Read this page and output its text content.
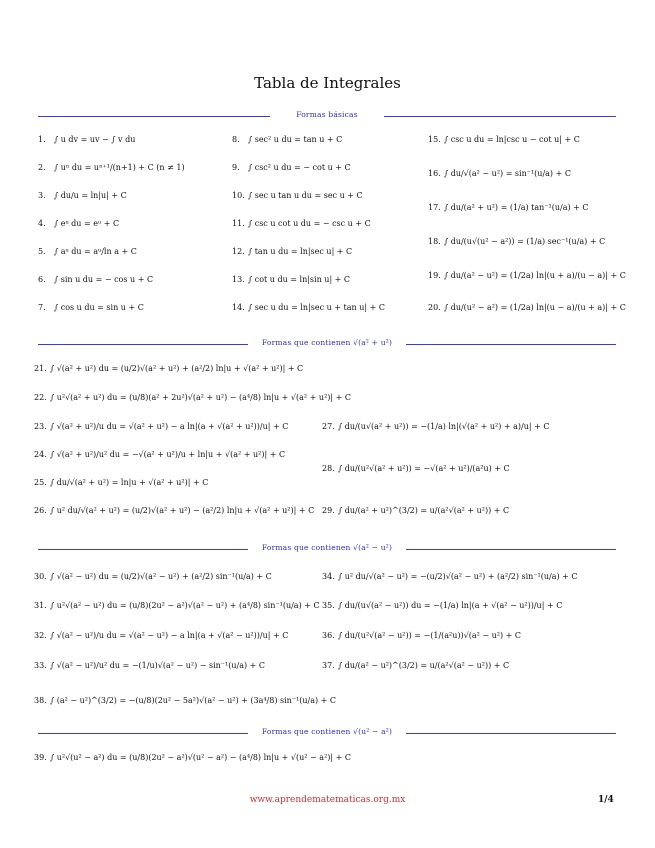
Tabla de Integrales
Formas básicas
1. ∫ u dv = uv − ∫ v du
2. ∫ uⁿ du = uⁿ⁺¹/(n+1) + C (n ≠ 1)
3. ∫ du/u = ln|u| + C
4. ∫ eᵘ du = eᵘ + C
5. ∫ aᵘ du = aᵘ/ln a + C
6. ∫ sin u du = − cos u + C
7. ∫ cos u du = sin u + C
8. ∫ sec² u du = tan u + C
9. ∫ csc² u du = − cot u + C
10. ∫ sec u tan u du = sec u + C
11. ∫ csc u cot u du = − csc u + C
12. ∫ tan u du = ln|sec u| + C
13. ∫ cot u du = ln|sin u| + C
14. ∫ sec u du = ln|sec u + tan u| + C
15. ∫ csc u du = ln|csc u − cot u| + C
16. ∫ du/√(a² − u²) = sin⁻¹(u/a) + C
17. ∫ du/(a² + u²) = (1/a) tan⁻¹(u/a) + C
18. ∫ du/(u√(u² − a²)) = (1/a) sec⁻¹(u/a) + C
19. ∫ du/(a² − u²) = (1/2a) ln|(u + a)/(u − a)| + C
20. ∫ du/(u² − a²) = (1/2a) ln|(u − a)/(u + a)| + C
Formas que contienen √(a² + u²)
21. ∫ √(a² + u²) du = (u/2)√(a² + u²) + (a²/2) ln|u + √(a² + u²)| + C
22. ∫ u²√(a² + u²) du = (u/8)(a² + 2u²)√(a² + u²) − (a⁴/8) ln|u + √(a² + u²)| + C
23. ∫ √(a² + u²)/u du = √(a² + u²) − a ln|(a + √(a² + u²))/u| + C
24. ∫ √(a² + u²)/u² du = −√(a² + u²)/u + ln|u + √(a² + u²)| + C
25. ∫ du/√(a² + u²) = ln|u + √(a² + u²)| + C
26. ∫ u² du/√(a² + u²) = (u/2)√(a² + u²) − (a²/2) ln|u + √(a² + u²)| + C
27. ∫ du/(u√(a² + u²)) = −(1/a) ln|(√(a² + u²) + a)/u| + C
28. ∫ du/(u²√(a² + u²)) = −√(a² + u²)/(a²u) + C
29. ∫ du/(a² + u²)^(3/2) = u/(a²√(a² + u²)) + C
Formas que contienen √(a² − u²)
30. ∫ √(a² − u²) du = (u/2)√(a² − u²) + (a²/2) sin⁻¹(u/a) + C
31. ∫ u²√(a² − u²) du = (u/8)(2u² − a²)√(a² − u²) + (a⁴/8) sin⁻¹(u/a) + C
32. ∫ √(a² − u²)/u du = √(a² − u²) − a ln|(a + √(a² − u²))/u| + C
33. ∫ √(a² − u²)/u² du = −(1/u)√(a² − u²) − sin⁻¹(u/a) + C
38. ∫ (a² − u²)^(3/2) = −(u/8)(2u² − 5a²)√(a² − u²) + (3a⁴/8) sin⁻¹(u/a) + C
34. ∫ u² du/√(a² − u²) = −(u/2)√(a² − u²) + (a²/2) sin⁻¹(u/a) + C
35. ∫ du/(u√(a² − u²)) du = −(1/a) ln|(a + √(a² − u²))/u| + C
36. ∫ du/(u²√(a² − u²)) = −(1/(a²u))√(a² − u²) + C
37. ∫ du/(a² − u²)^(3/2) = u/(a²√(a² − u²)) + C
Formas que contienen √(u² − a²)
39. ∫ u²√(u² − a²) du = (u/8)(2u² − a²)√(u² − a²) − (a⁴/8) ln|u + √(u² − a²)| + C
www.aprendematematicas.org.mx	1/4
